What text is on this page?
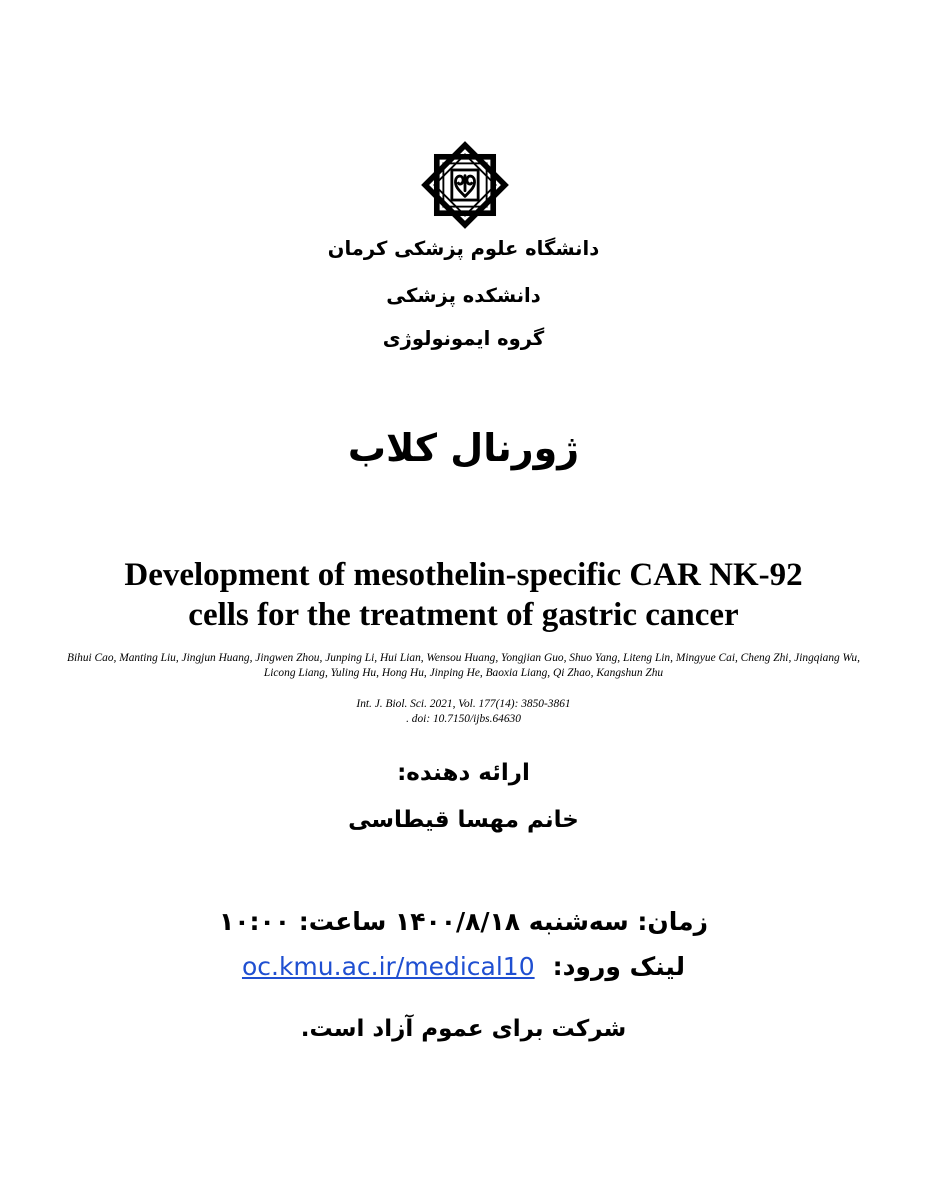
دانشگاه علوم پزشکی کرمان
دانشکده پزشکی
گروه ایمونولوژی
ژورنال کلاب
Development of mesothelin-specific CAR NK-92
cells for the treatment of gastric cancer
Bihui Cao, Manting Liu, Jingjun Huang, Jingwen Zhou, Junping Li, Hui Lian, Wensou Huang, Yongjian Guo, Shuo Yang, Liteng Lin, Mingyue Cai, Cheng Zhi, Jingqiang Wu, Licong Liang, Yuling Hu, Hong Hu, Jinping He, Baoxia Liang, Qi Zhao, Kangshun Zhu
Int. J. Biol. Sci. 2021, Vol. 177(14): 3850-3861
. doi: 10.7150/ijbs.64630
ارائه دهنده:
خانم مهسا قیطاسی
زمان: سه‌شنبه ۱۴۰۰/۸/۱۸ ساعت: ۱۰:۰۰
لینک ورود:  oc.kmu.ac.ir/medical10
شرکت برای عموم آزاد است.
